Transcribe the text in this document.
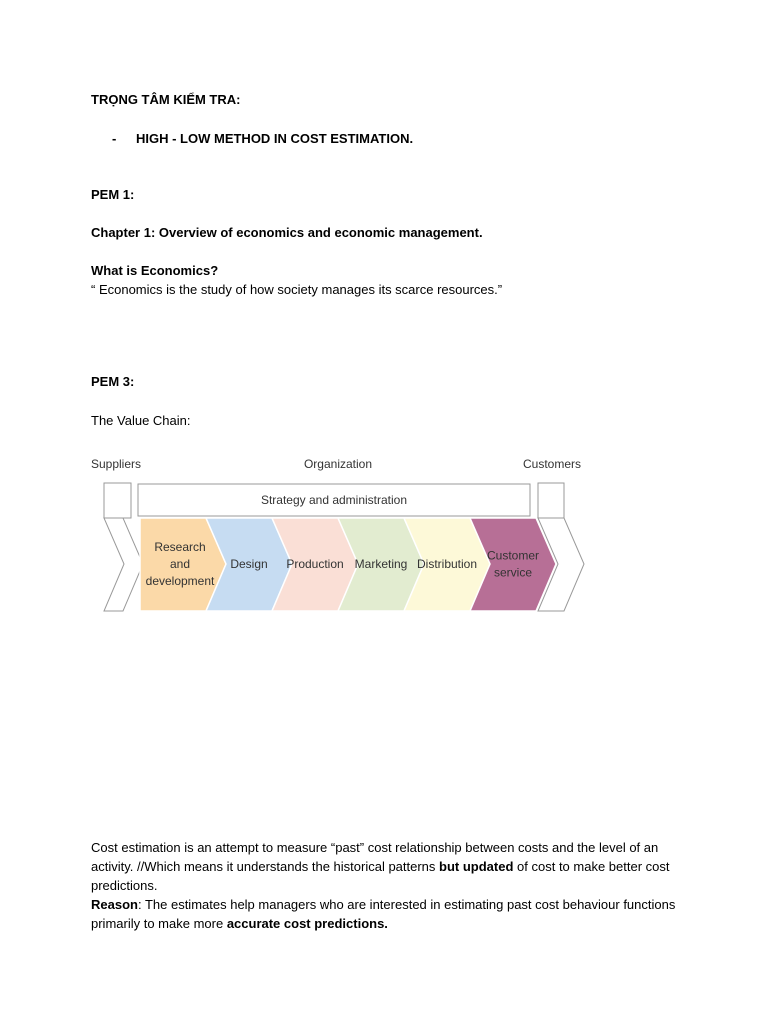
TRỌNG TÂM KIỂM TRA:
- HIGH - LOW METHOD IN COST ESTIMATION.
PEM 1:
Chapter 1: Overview of economics and economic management.
What is Economics?
“ Economics is the study of how society manages its scarce resources.”
PEM 3:
The Value Chain:
Suppliers	Organization	Customers
Strategy and administration
Research and development
Design Production Marketing Distribution
Customer service

Cost estimation is an attempt to measure “past” cost relationship between costs and the level of an activity. //Which means it understands the historical patterns but updated of cost to make better cost predictions.

Reason: The estimates help managers who are interested in estimating past cost behaviour functions primarily to make more accurate cost predictions.
